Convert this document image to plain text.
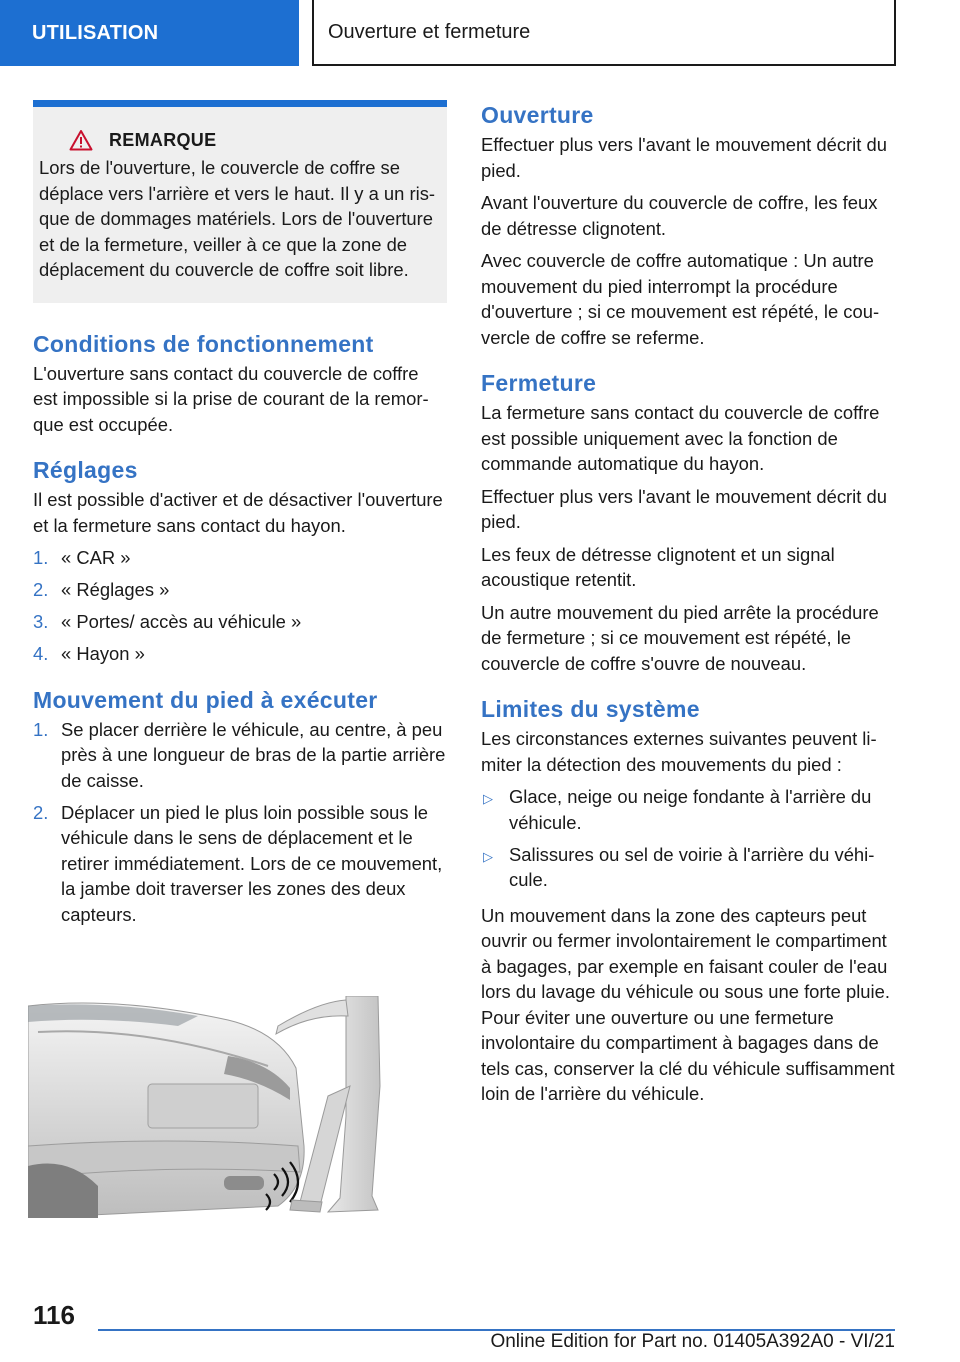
UTILISATION	Ouverture et fermeture
REMARQUE

Lors de l'ouverture, le couvercle de coffre se déplace vers l'arrière et vers le haut. Il y a un risque de dommages matériels. Lors de l'ouverture et de la fermeture, veiller à ce que la zone de déplacement du couvercle de coffre soit libre.

Conditions de fonctionnement

L'ouverture sans contact du couvercle de coffre est impossible si la prise de courant de la remorque est occupée.

Réglages

Il est possible d'activer et de désactiver l'ouverture et la fermeture sans contact du hayon.

1. « CAR »
2. « Réglages »
3. « Portes/ accès au véhicule »
4. « Hayon »
Mouvement du pied à exécuter
1. Se placer derrière le véhicule, au centre, à peu près à une longueur de bras de la partie arrière de caisse.
2. Déplacer un pied le plus loin possible sous le véhicule dans le sens de déplacement et le retirer immédiatement. Lors de ce mouvement, la jambe doit traverser les zones des deux capteurs.
Ouverture

Effectuer plus vers l'avant le mouvement décrit du pied.

Avant l'ouverture du couvercle de coffre, les feux de détresse clignotent.

Avec couvercle de coffre automatique : Un autre mouvement du pied interrompt la procédure d'ouverture ; si ce mouvement est répété, le couvercle de coffre se referme.

Fermeture

La fermeture sans contact du couvercle de coffre est possible uniquement avec la fonction de commande automatique du hayon.

Effectuer plus vers l'avant le mouvement décrit du pied.

Les feux de détresse clignotent et un signal acoustique retentit.

Un autre mouvement du pied arrête la procédure de fermeture ; si ce mouvement est répété, le couvercle de coffre s'ouvre de nouveau.

Limites du système

Les circonstances externes suivantes peuvent limiter la détection des mouvements du pied :

▷ Glace, neige ou neige fondante à l'arrière du véhicule.
▷ Salissures ou sel de voirie à l'arrière du véhicule.

Un mouvement dans la zone des capteurs peut ouvrir ou fermer involontairement le compartiment à bagages, par exemple en faisant couler de l'eau lors du lavage du véhicule ou sous une forte pluie. Pour éviter une ouverture ou une fermeture involontaire du compartiment à bagages dans de tels cas, conserver la clé du véhicule suffisamment loin de l'arrière du véhicule.

116
Online Edition for Part no. 01405A392A0 - VI/21
